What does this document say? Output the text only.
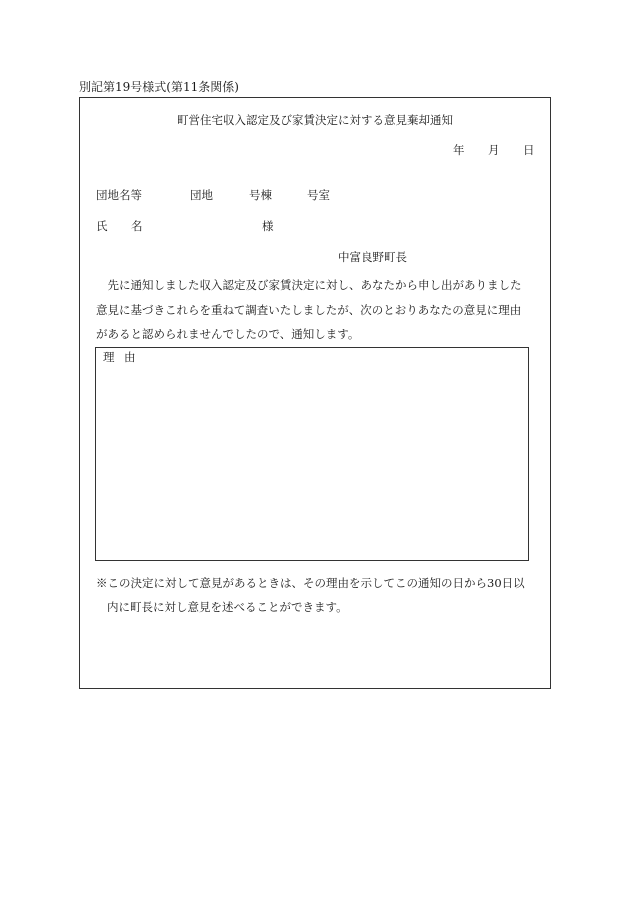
別記第19号様式(第11条関係)
町営住宅収入認定及び家賃決定に対する意見棄却通知
年 月 日
団地名等	団地	号棟	号室
氏 名	様
中富良野町長
　先に通知しました収入認定及び家賃決定に対し、あなたから申し出がありました
意見に基づきこれらを重ねて調査いたしましたが、次のとおりあなたの意見に理由
があると認められませんでしたので、通知します。
理 由
※この決定に対して意見があるときは、その理由を示してこの通知の日から30日以
内に町長に対し意見を述べることができます。
